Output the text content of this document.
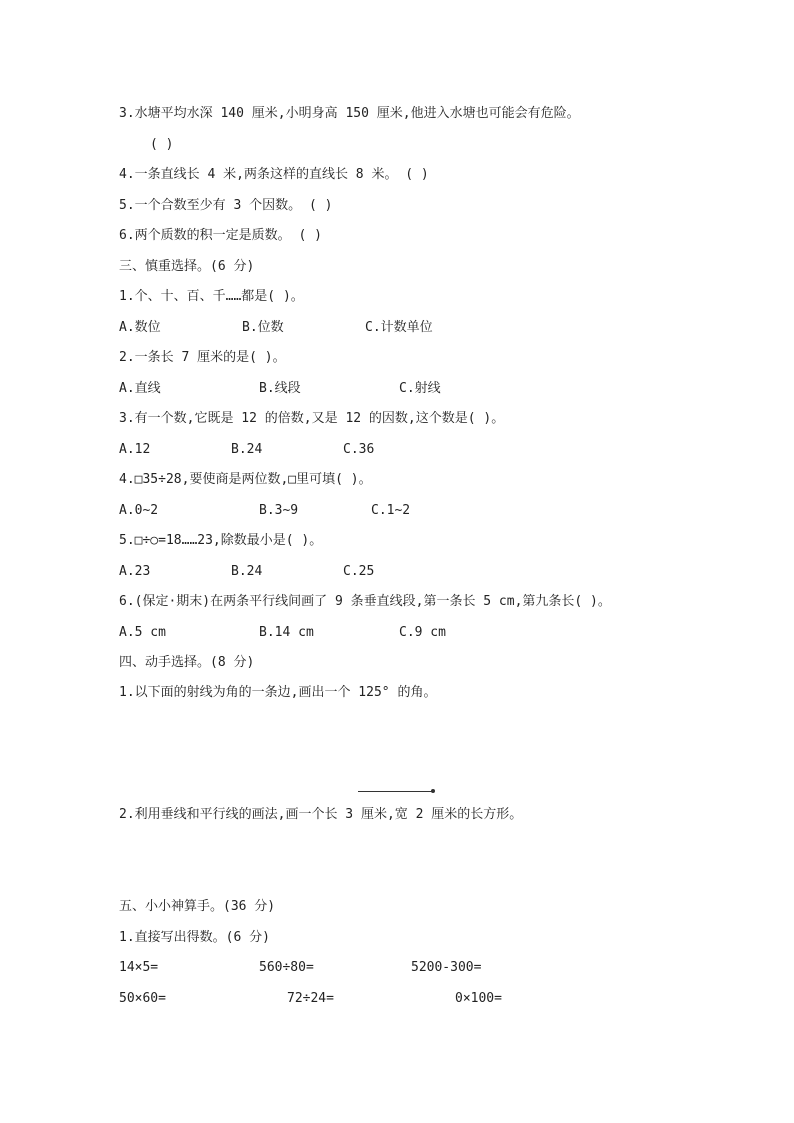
3.水塘平均水深 140 厘米,小明身高 150 厘米,他进入水塘也可能会有危险。
( )
4.一条直线长 4 米,两条这样的直线长 8 米。 ( )
5.一个合数至少有 3 个因数。 ( )
6.两个质数的积一定是质数。 ( )
三、慎重选择。(6 分)
1.个、十、百、千……都是( )。
A.数位	B.位数	C.计数单位
2.一条长 7 厘米的是( )。
A.直线	B.线段	C.射线
3.有一个数,它既是 12 的倍数,又是 12 的因数,这个数是( )。
A.12	B.24	C.36
4.□35÷28,要使商是两位数,□里可填( )。
A.0~2	B.3~9	C.1~2
5.□÷○=18……23,除数最小是( )。
A.23	B.24	C.25
6.(保定·期末)在两条平行线间画了 9 条垂直线段,第一条长 5 cm,第九条长( )。
A.5 cm	B.14 cm	C.9 cm
四、动手选择。(8 分)
1.以下面的射线为角的一条边,画出一个 125° 的角。
2.利用垂线和平行线的画法,画一个长 3 厘米,宽 2 厘米的长方形。
五、小小神算手。(36 分)
1.直接写出得数。(6 分)
14×5=	560÷80=	5200-300=
50×60=	72÷24=	0×100=
